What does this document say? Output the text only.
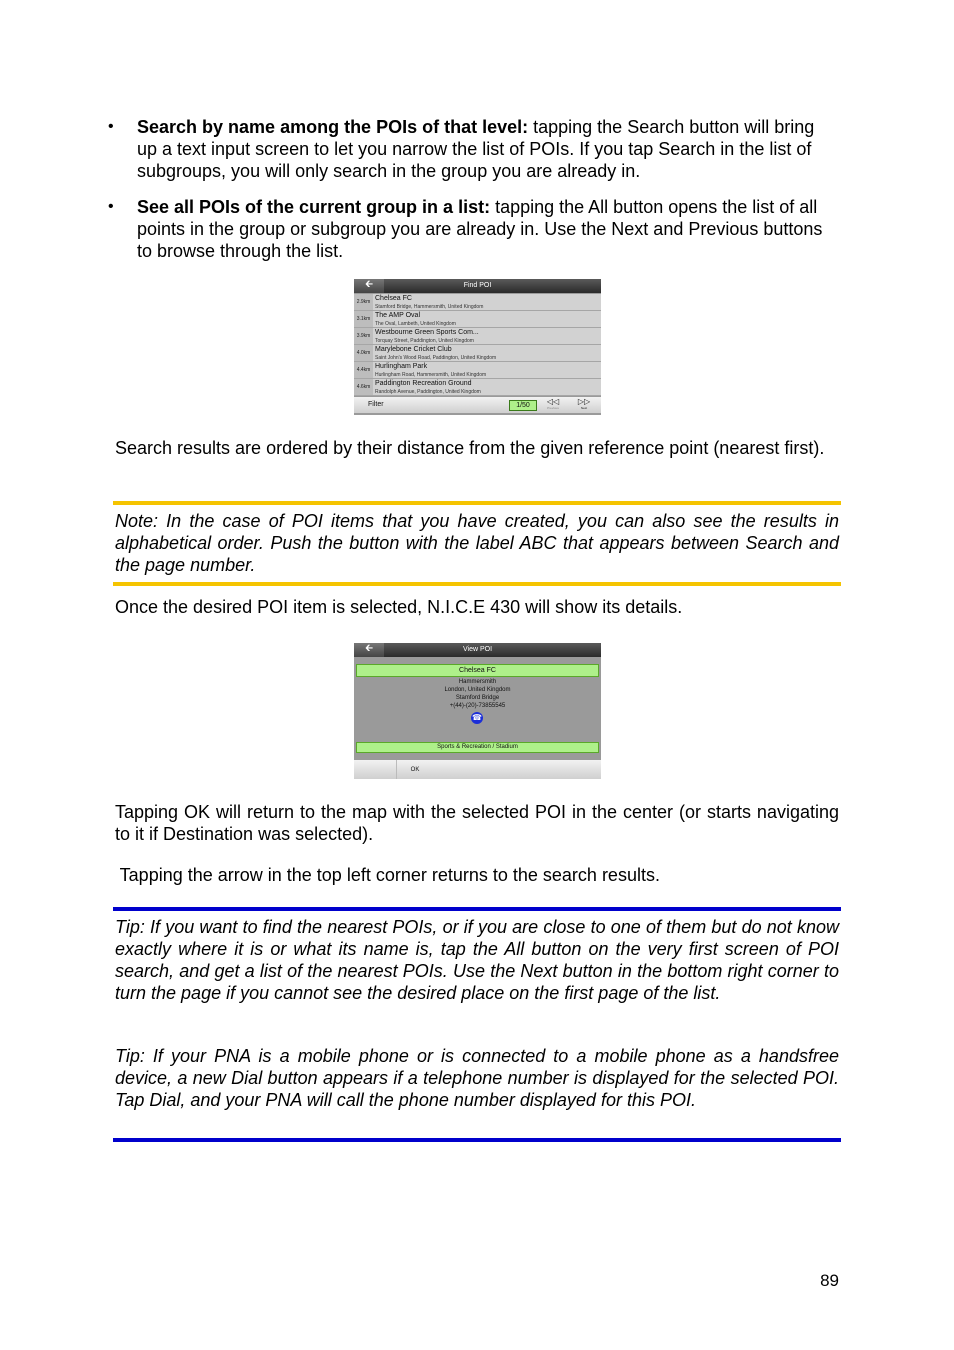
• Search by name among the POIs of that level: tapping the Search button will bring up a text input screen to let you narrow the list of POIs. If you tap Search in the list of subgroups, you will only search in the group you are already in.
• See all POIs of the current group in a list: tapping the All button opens the list of all points in the group or subgroup you are already in. Use the Next and Previous buttons to browse through the list.
Find POI
🡰
2.9km Chelsea FC
Stamford Bridge, Hammersmith, United Kingdom
3.1km The AMP Oval
The Oval, Lambeth, United Kingdom
3.9km Westbourne Green Sports Com...
Torquay Street, Paddington, United Kingdom
4.0km Marylebone Cricket Club
Saint John's Wood Road, Paddington, United Kingdom
4.4km Hurlingham Park
Hurlingham Road, Hammersmith, United Kingdom
4.6km Paddington Recreation Ground
Randolph Avenue, Paddington, United Kingdom
Filter	1/50	◁◁
Previous
▷▷
Next
Search results are ordered by their distance from the given reference point (nearest first).
Note: In the case of POI items that you have created, you can also see the results in alphabetical order. Push the button with the label ABC that appears between Search and the page number.
Once the desired POI item is selected, N.I.C.E 430 will show its details.
View POI
🡰
Chelsea FC
Hammersmith
London, United Kingdom
Stamford Bridge
+(44)-(20)-73855545
☎
Sports & Recreation / Stadium
OK
Tapping OK will return to the map with the selected POI in the center (or starts navigating to it if Destination was selected).
Tapping the arrow in the top left corner returns to the search results.
Tip: If you want to find the nearest POIs, or if you are close to one of them but do not know exactly where it is or what its name is, tap the All button on the very first screen of POI search, and get a list of the nearest POIs. Use the Next button in the bottom right corner to turn the page if you cannot see the desired place on the first page of the list.
Tip: If your PNA is a mobile phone or is connected to a mobile phone as a handsfree device, a new Dial button appears if a telephone number is displayed for the selected POI. Tap Dial, and your PNA will call the phone number displayed for this POI.
89
